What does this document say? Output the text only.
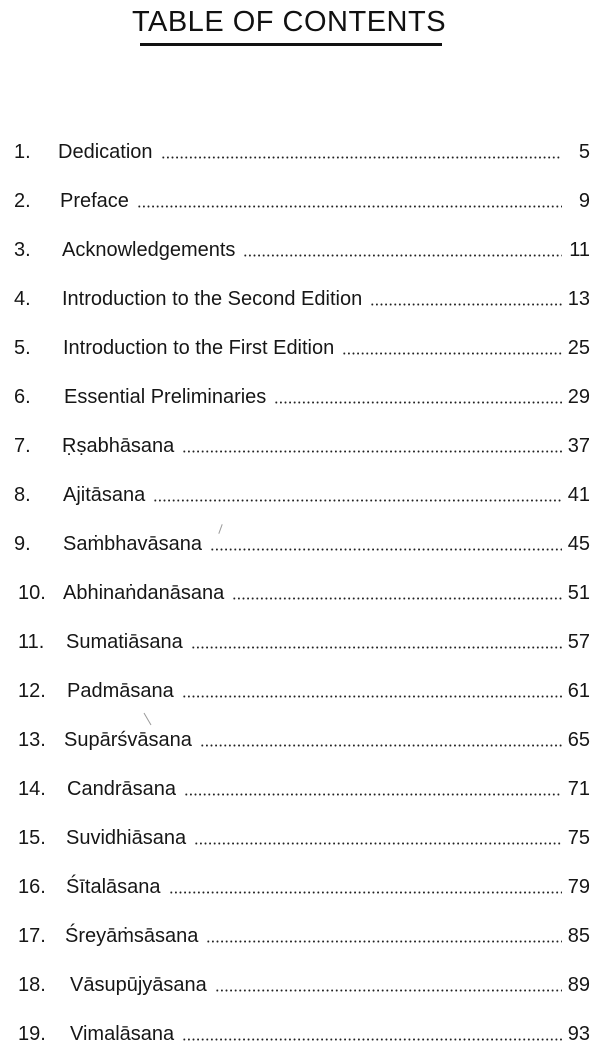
TABLE OF CONTENTS
1.	Dedication	5
2.	Preface	9
3.	Acknowledgements	11
4.	Introduction to the Second Edition	13
5.	Introduction to the First Edition	25
6.	Essential Preliminaries	29
7.	Ṛṣabhāsana	37
8.	Ajitāsana	41
9.	Saṁbhavāsana	45
10. Abhinaṅdanāsana	51
11.	Sumatiāsana	57
12.	Padmāsana	61
13. Supārśvāsana	65
14.	Candrāsana	71
15.	Suvidhiāsana	75
16.	Śītalāsana	79
17. Śreyāṁsāsana	85
18.	Vāsupūjyāsana	89
19.	Vimalāsana	93
